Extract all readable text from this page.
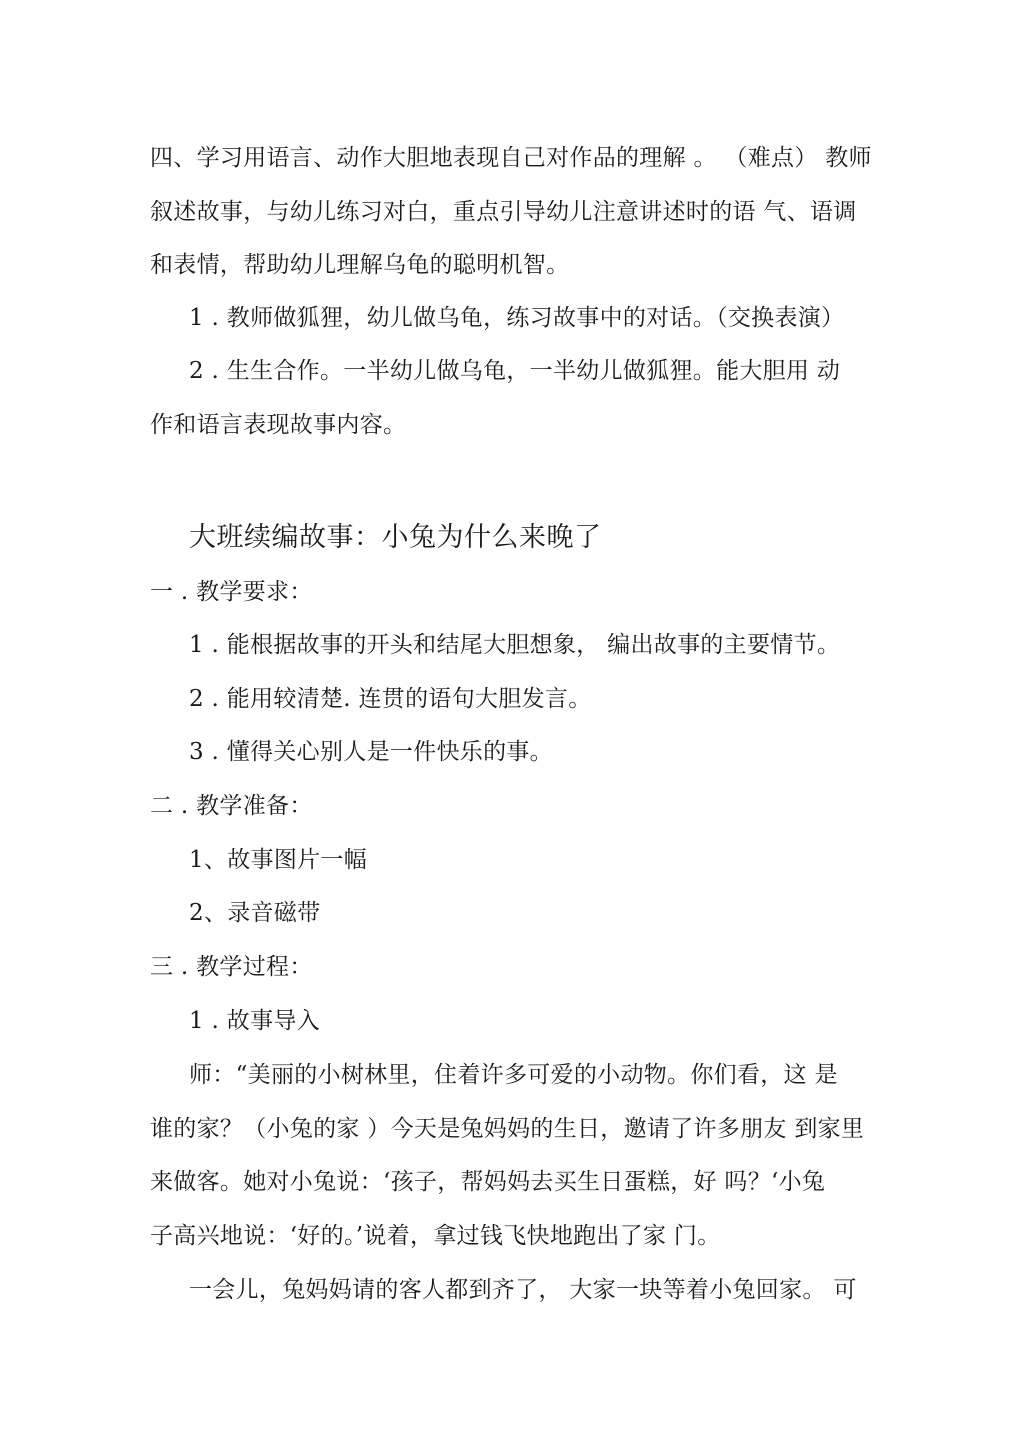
四、学习用语言、动作大胆地表现自己对作品的理解 。 （难点） 教师
叙述故事，与幼儿练习对白，重点引导幼儿注意讲述时的语 气、语调
和表情，帮助幼儿理解乌龟的聪明机智。
1 . 教师做狐狸，幼儿做乌龟，练习故事中的对话。（交换表演）
2 . 生生合作。一半幼儿做乌龟，一半幼儿做狐狸。能大胆用 动
作和语言表现故事内容。
大班续编故事：小兔为什么来晚了
一 . 教学要求：
1 . 能根据故事的开头和结尾大胆想象， 编出故事的主要情节。
2 . 能用较清楚. 连贯的语句大胆发言。
3 . 懂得关心别人是一件快乐的事。
二 . 教学准备：
1、故事图片一幅
2、录音磁带
三 . 教学过程：
1 . 故事导入
师：“美丽的小树林里，住着许多可爱的小动物。你们看，这 是
谁的家？（小兔的家 ）今天是兔妈妈的生日，邀请了许多朋友 到家里
来做客。她对小兔说：‘孩子，帮妈妈去买生日蛋糕，好 吗？‘小兔
子高兴地说：‘好的。’说着，拿过钱飞快地跑出了家 门。
一会儿，兔妈妈请的客人都到齐了， 大家一块等着小兔回家。 可
